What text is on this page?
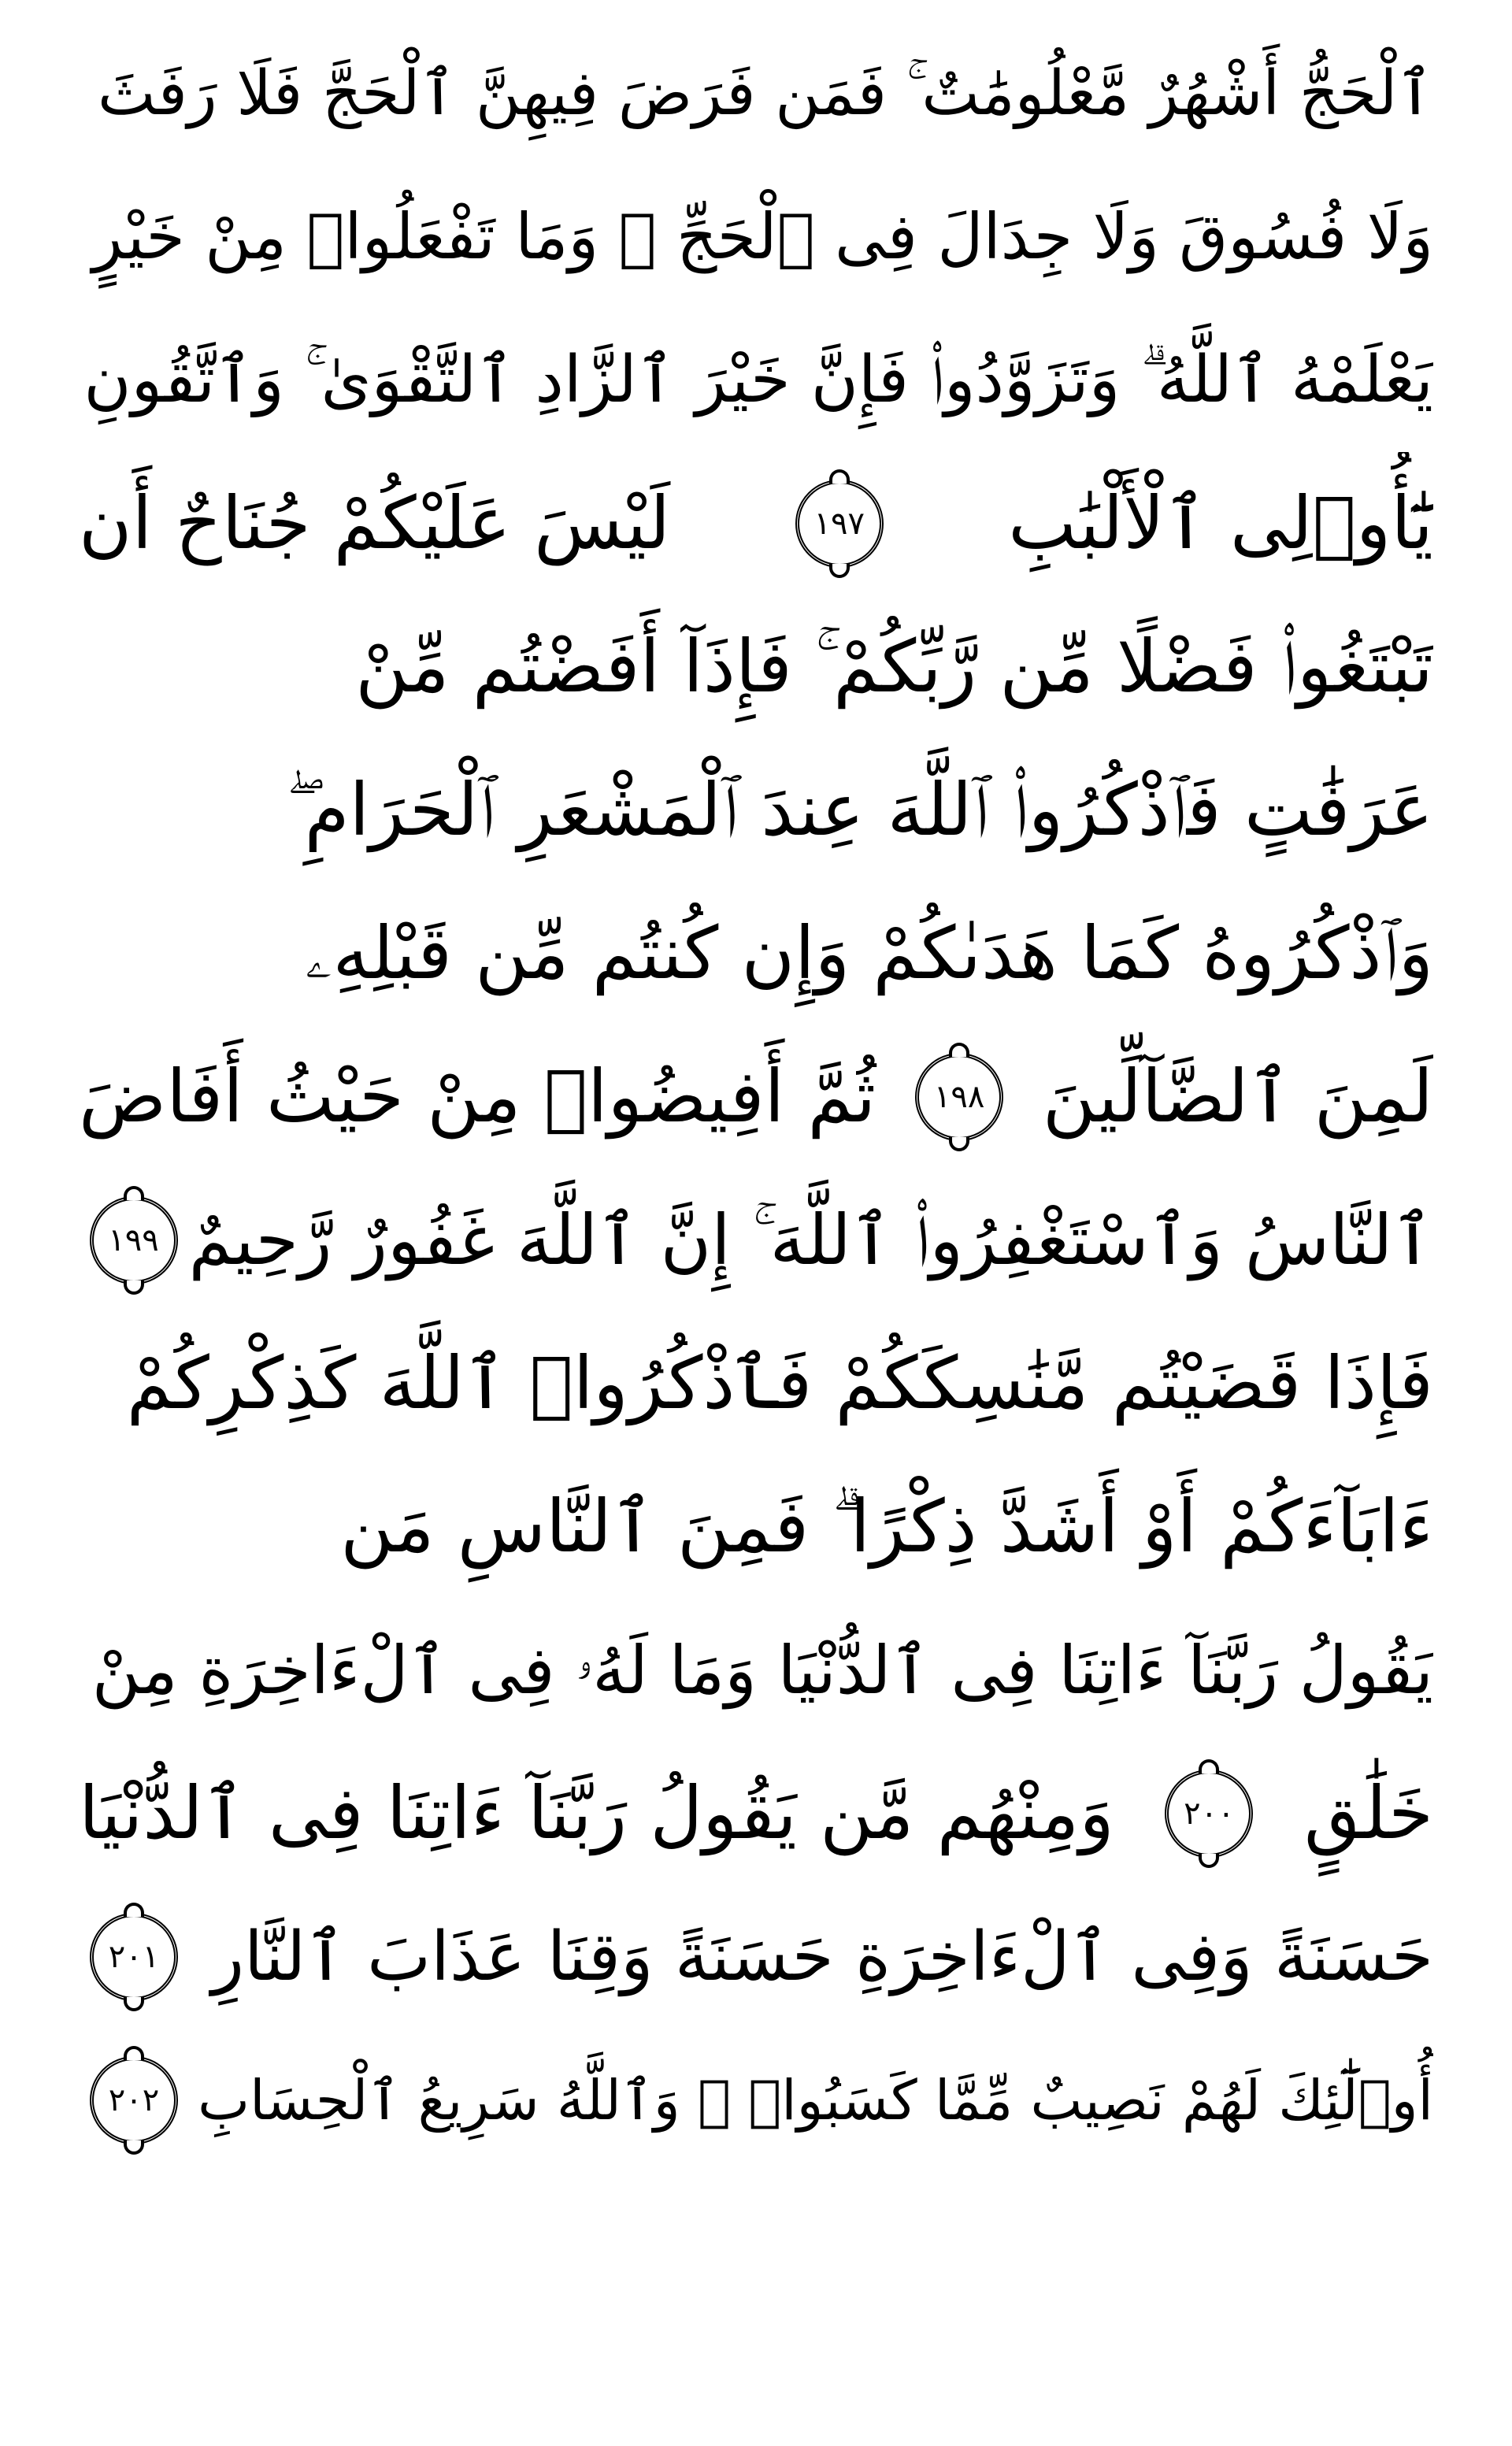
ٱلْحَجُّ أَشْهُرٌ مَّعْلُومَٰتٌ ۚ فَمَن فَرَضَ فِيهِنَّ ٱلْحَجَّ فَلَا رَفَثَ
وَلَا فُسُوقَ وَلَا جِدَالَ فِى ٱلْحَجِّ ۗ وَمَا تَفْعَلُوا۟ مِنْ خَيْرٍ
يَعْلَمْهُ ٱللَّهُ ۗ وَتَزَوَّدُوا۟ فَإِنَّ خَيْرَ ٱلزَّادِ ٱلتَّقْوَىٰ ۚ وَٱتَّقُونِ
يَٰٓأُو۟لِى ٱلْأَلْبَٰبِ
١٩٧
لَيْسَ عَلَيْكُمْ جُنَاحٌ أَن
تَبْتَغُوا۟ فَضْلًا مِّن رَّبِّكُمْ ۚ فَإِذَآ أَفَضْتُم مِّنْ
عَرَفَٰتٍ فَٱذْكُرُوا۟ ٱللَّهَ عِندَ ٱلْمَشْعَرِ ٱلْحَرَامِ ۖ
وَٱذْكُرُوهُ كَمَا هَدَىٰكُمْ وَإِن كُنتُم مِّن قَبْلِهِۦ
لَمِنَ ٱلضَّآلِّينَ
١٩٨
ثُمَّ أَفِيضُوا۟ مِنْ حَيْثُ أَفَاضَ
ٱلنَّاسُ وَٱسْتَغْفِرُوا۟ ٱللَّهَ ۚ إِنَّ ٱللَّهَ غَفُورٌ رَّحِيمٌ
١٩٩
فَإِذَا قَضَيْتُم مَّنَٰسِكَكُمْ فَٱذْكُرُوا۟ ٱللَّهَ كَذِكْرِكُمْ
ءَابَآءَكُمْ أَوْ أَشَدَّ ذِكْرًا ۗ فَمِنَ ٱلنَّاسِ مَن
يَقُولُ رَبَّنَآ ءَاتِنَا فِى ٱلدُّنْيَا وَمَا لَهُۥ فِى ٱلْءَاخِرَةِ مِنْ
خَلَٰقٍ
٢٠٠
وَمِنْهُم مَّن يَقُولُ رَبَّنَآ ءَاتِنَا فِى ٱلدُّنْيَا
حَسَنَةً وَفِى ٱلْءَاخِرَةِ حَسَنَةً وَقِنَا عَذَابَ ٱلنَّارِ
٢٠١
أُو۟لَٰٓئِكَ لَهُمْ نَصِيبٌ مِّمَّا كَسَبُوا۟ ۚ وَٱللَّهُ سَرِيعُ ٱلْحِسَابِ
٢٠٢
